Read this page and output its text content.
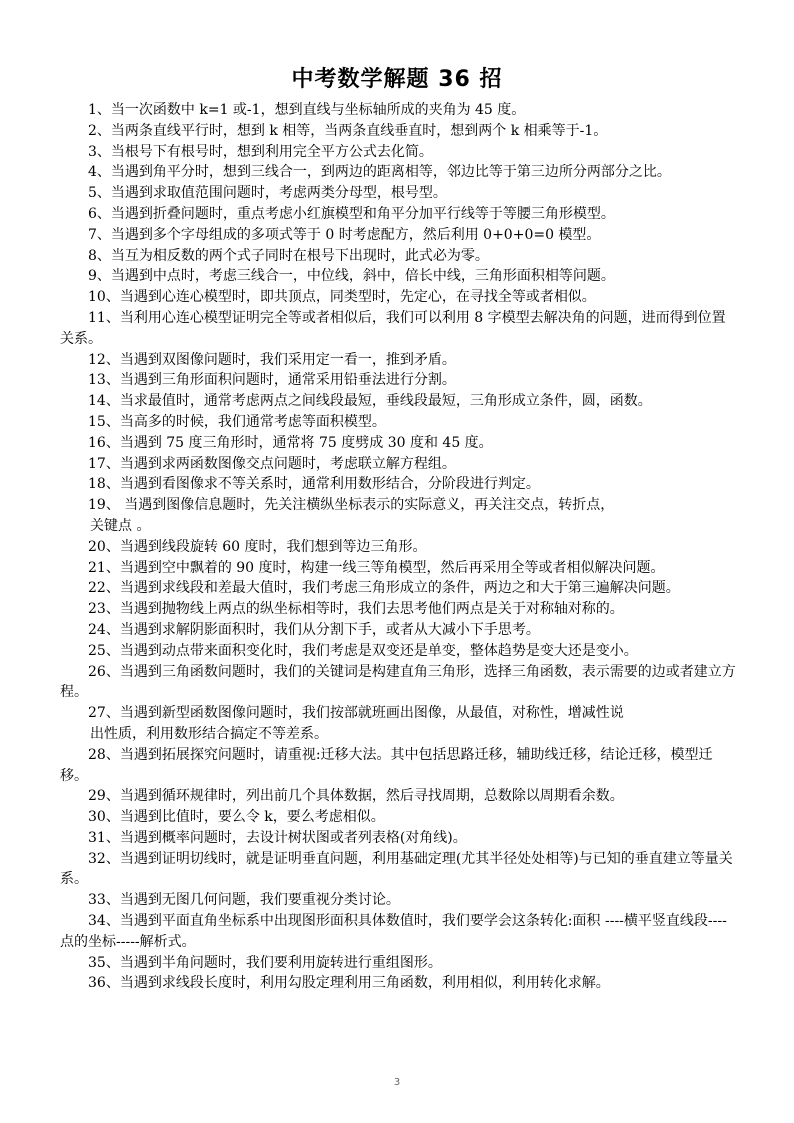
中考数学解题 36 招

1、当一次函数中 k=1 或-1，想到直线与坐标轴所成的夹角为 45 度。

2、当两条直线平行时，想到 k 相等，当两条直线垂直时，想到两个 k 相乘等于-1。

3、当根号下有根号时，想到利用完全平方公式去化简。

4、当遇到角平分时，想到三线合一，到两边的距离相等，邻边比等于第三边所分两部分之比。

5、当遇到求取值范围问题时，考虑两类分母型，根号型。

6、当遇到折叠问题时，重点考虑小红旗模型和角平分加平行线等于等腰三角形模型。

7、当遇到多个字母组成的多项式等于 0 时考虑配方，然后利用 0+0+0=0 模型。

8、当互为相反数的两个式子同时在根号下出现时，此式必为零。

9、当遇到中点时，考虑三线合一，中位线，斜中，倍长中线，三角形面积相等问题。

10、当遇到心连心模型时，即共顶点，同类型时，先定心，在寻找全等或者相似。

11、当利用心连心模型证明完全等或者相似后，我们可以利用 8 字模型去解决角的问题，进而得到位置关系。

12、当遇到双图像问题时，我们采用定一看一，推到矛盾。

13、当遇到三角形面积问题时，通常采用铅垂法进行分割。

14、当求最值时，通常考虑两点之间线段最短，垂线段最短，三角形成立条件，圆，函数。

15、当高多的时候，我们通常考虑等面积模型。

16、当遇到 75 度三角形时，通常将 75 度劈成 30 度和 45 度。

17、当遇到求两函数图像交点问题时，考虑联立解方程组。

18、当遇到看图像求不等关系时，通常利用数形结合，分阶段进行判定。

19、 当遇到图像信息题时，先关注横纵坐标表示的实际意义，再关注交点，转折点，

关键点 。

20、当遇到线段旋转 60 度时，我们想到等边三角形。

21、当遇到空中飘着的 90 度时，构建一线三等角模型，然后再采用全等或者相似解决问题。

22、当遇到求线段和差最大值时，我们考虑三角形成立的条件，两边之和大于第三遍解决问题。

23、当遇到抛物线上两点的纵坐标相等时，我们去思考他们两点是关于对称轴对称的。

24、当遇到求解阴影面积时，我们从分割下手，或者从大减小下手思考。

25、当遇到动点带来面积变化时，我们考虑是双变还是单变，整体趋势是变大还是变小。

26、当遇到三角函数问题时，我们的关键词是构建直角三角形，选择三角函数，表示需要的边或者建立方程。

27、当遇到新型函数图像问题时，我们按部就班画出图像，从最值，对称性，增减性说

出性质，利用数形结合搞定不等差系。

28、当遇到拓展探究问题时，请重视:迁移大法。其中包括思路迁移，辅助线迁移，结论迁移，模型迁移。

29、当遇到循环规律时，列出前几个具体数据，然后寻找周期，总数除以周期看余数。

30、当遇到比值时，要么令 k，要么考虑相似。

31、当遇到概率问题时，去设计树状图或者列表格(对角线)。

32、当遇到证明切线时，就是证明垂直问题，利用基础定理(尤其半径处处相等)与已知的垂直建立等量关系。

33、当遇到无图几何问题，我们要重视分类讨论。

34、当遇到平面直角坐标系中出现图形面积具体数值时，我们要学会这条转化:面积 ----横平竖直线段----点的坐标-----解析式。

35、当遇到半角问题时，我们要利用旋转进行重组图形。

36、当遇到求线段长度时，利用勾股定理利用三角函数，利用相似，利用转化求解。

3
